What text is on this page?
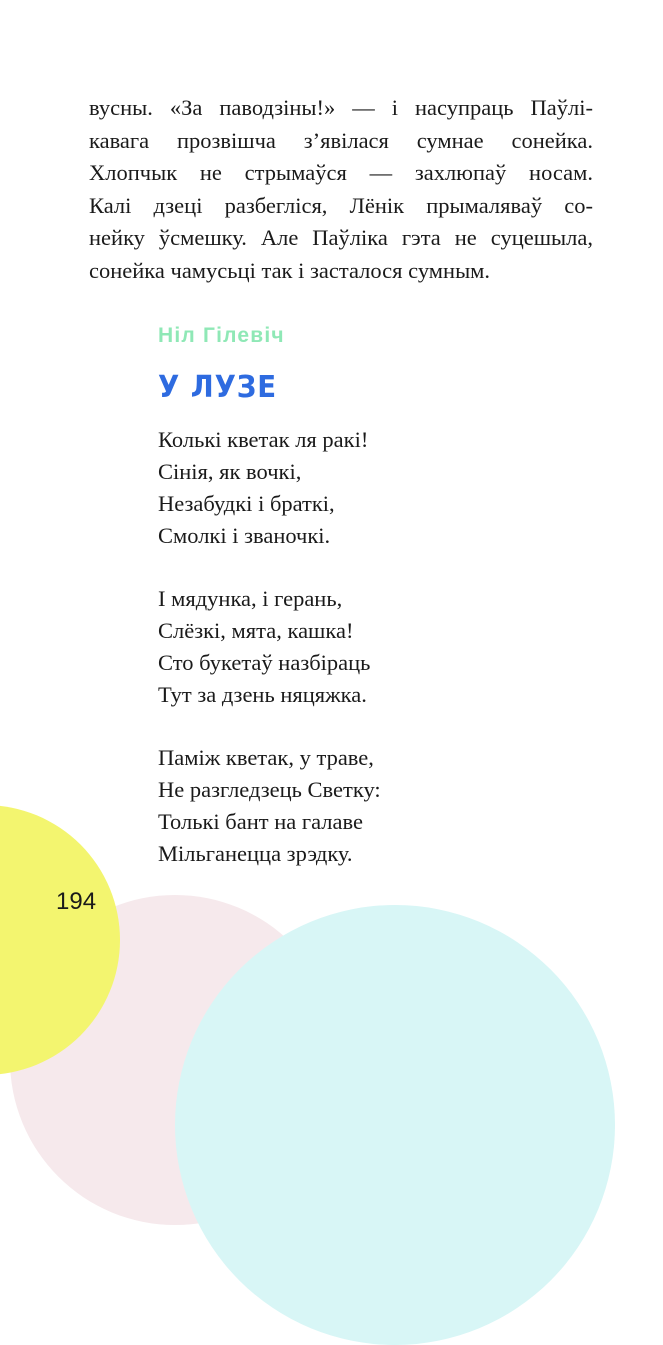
вусны. «За паводзіны!» — і насупраць Паўлі-
кавага прозвішча з’явілася сумнае сонейка.
Хлопчык не стрымаўся — захлюпаў носам.
Калі дзеці разбегліся, Лёнік прымаляваў со-
нейку ўсмешку. Але Паўліка гэта не суцешыла,
сонейка чамусьці так і засталося сумным.
Ніл Гілевіч
У ЛУЗЕ
Колькі кветак ля ракі!
Сінія, як вочкі,
Незабудкі і браткі,
Смолкі і званочкі.
І мядунка, і герань,
Слёзкі, мята, кашка!
Сто букетаў назбіраць
Тут за дзень няцяжка.
Паміж кветак, у траве,
Не разгледзець Светку:
Толькі бант на галаве
Мільганецца зрэдку.
194
